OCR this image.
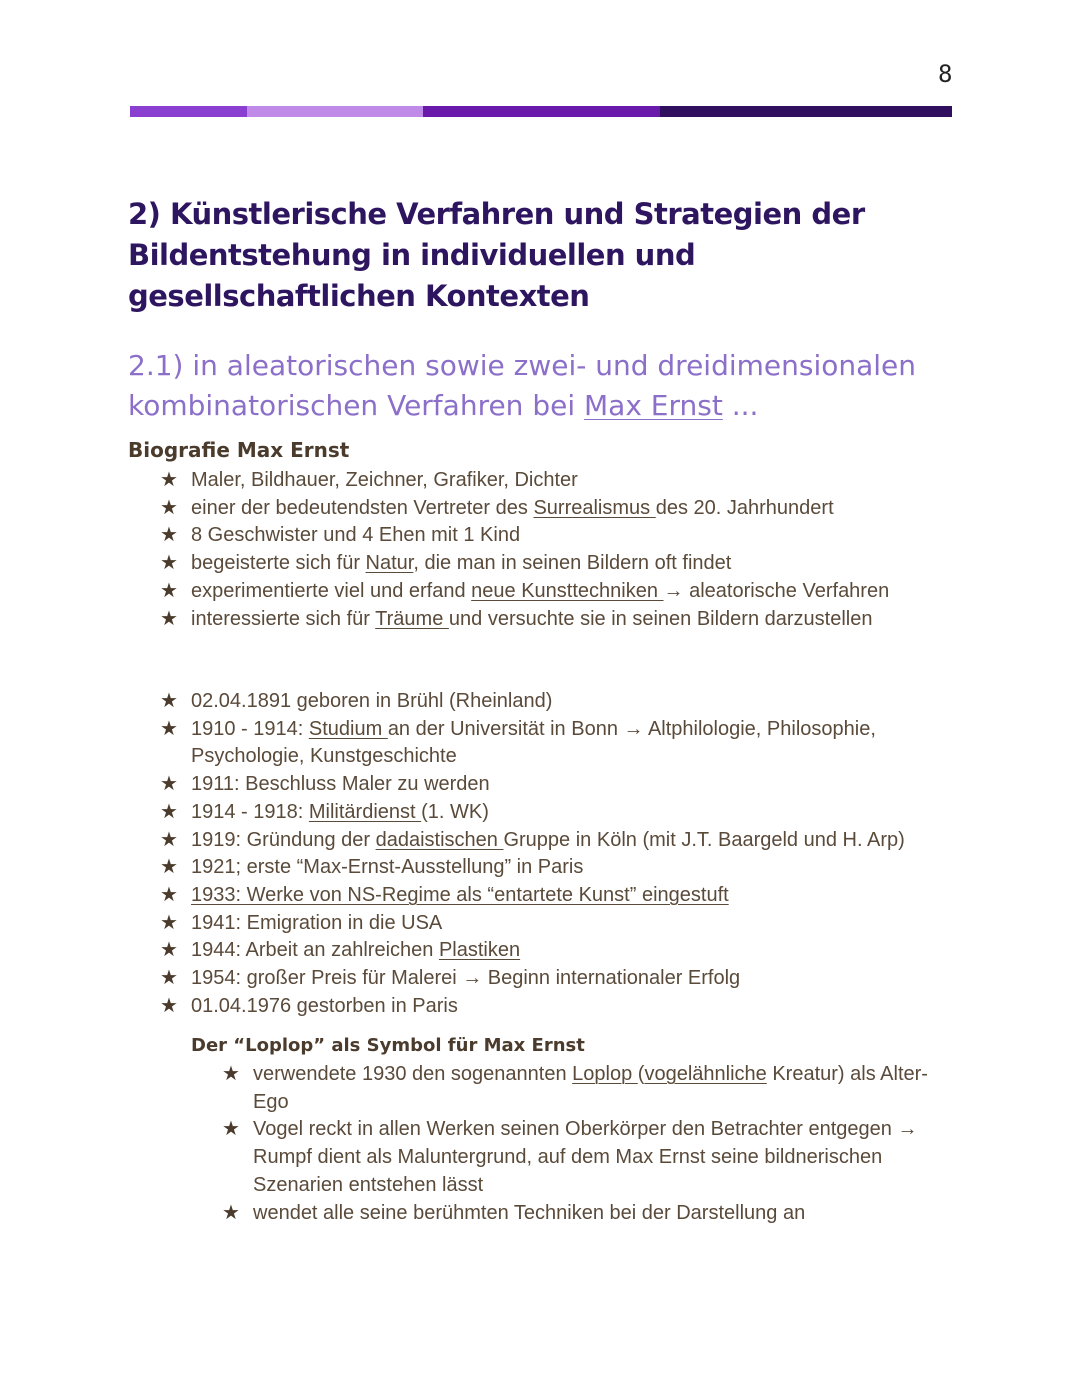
8
2) Künstlerische Verfahren und Strategien der
Bildentstehung in individuellen und
gesellschaftlichen Kontexten
2.1) in aleatorischen sowie zwei- und dreidimensionalen
kombinatorischen Verfahren bei Max Ernst ...
Biografie Max Ernst
★ Maler, Bildhauer, Zeichner, Grafiker, Dichter
★ einer der bedeutendsten Vertreter des Surrealismus des 20. Jahrhundert
★ 8 Geschwister und 4 Ehen mit 1 Kind
★ begeisterte sich für Natur, die man in seinen Bildern oft findet
★ experimentierte viel und erfand neue Kunsttechniken → aleatorische Verfahren
★ interessierte sich für Träume und versuchte sie in seinen Bildern darzustellen
★ 02.04.1891 geboren in Brühl (Rheinland)
★ 1910 - 1914: Studium an der Universität in Bonn → Altphilologie, Philosophie, Psychologie, Kunstgeschichte
★ 1911: Beschluss Maler zu werden
★ 1914 - 1918: Militärdienst (1. WK)
★ 1919: Gründung der dadaistischen Gruppe in Köln (mit J.T. Baargeld und H. Arp)
★ 1921; erste “Max-Ernst-Ausstellung” in Paris
★ 1933: Werke von NS-Regime als “entartete Kunst” eingestuft
★ 1941: Emigration in die USA
★ 1944: Arbeit an zahlreichen Plastiken
★ 1954: großer Preis für Malerei → Beginn internationaler Erfolg
★ 01.04.1976 gestorben in Paris
Der “Loplop” als Symbol für Max Ernst
★ verwendete 1930 den sogenannten Loplop (vogelähnliche Kreatur) als Alter-Ego
★ Vogel reckt in allen Werken seinen Oberkörper den Betrachter entgegen → Rumpf dient als Maluntergrund, auf dem Max Ernst seine bildnerischen Szenarien entstehen lässt
★ wendet alle seine berühmten Techniken bei der Darstellung an
